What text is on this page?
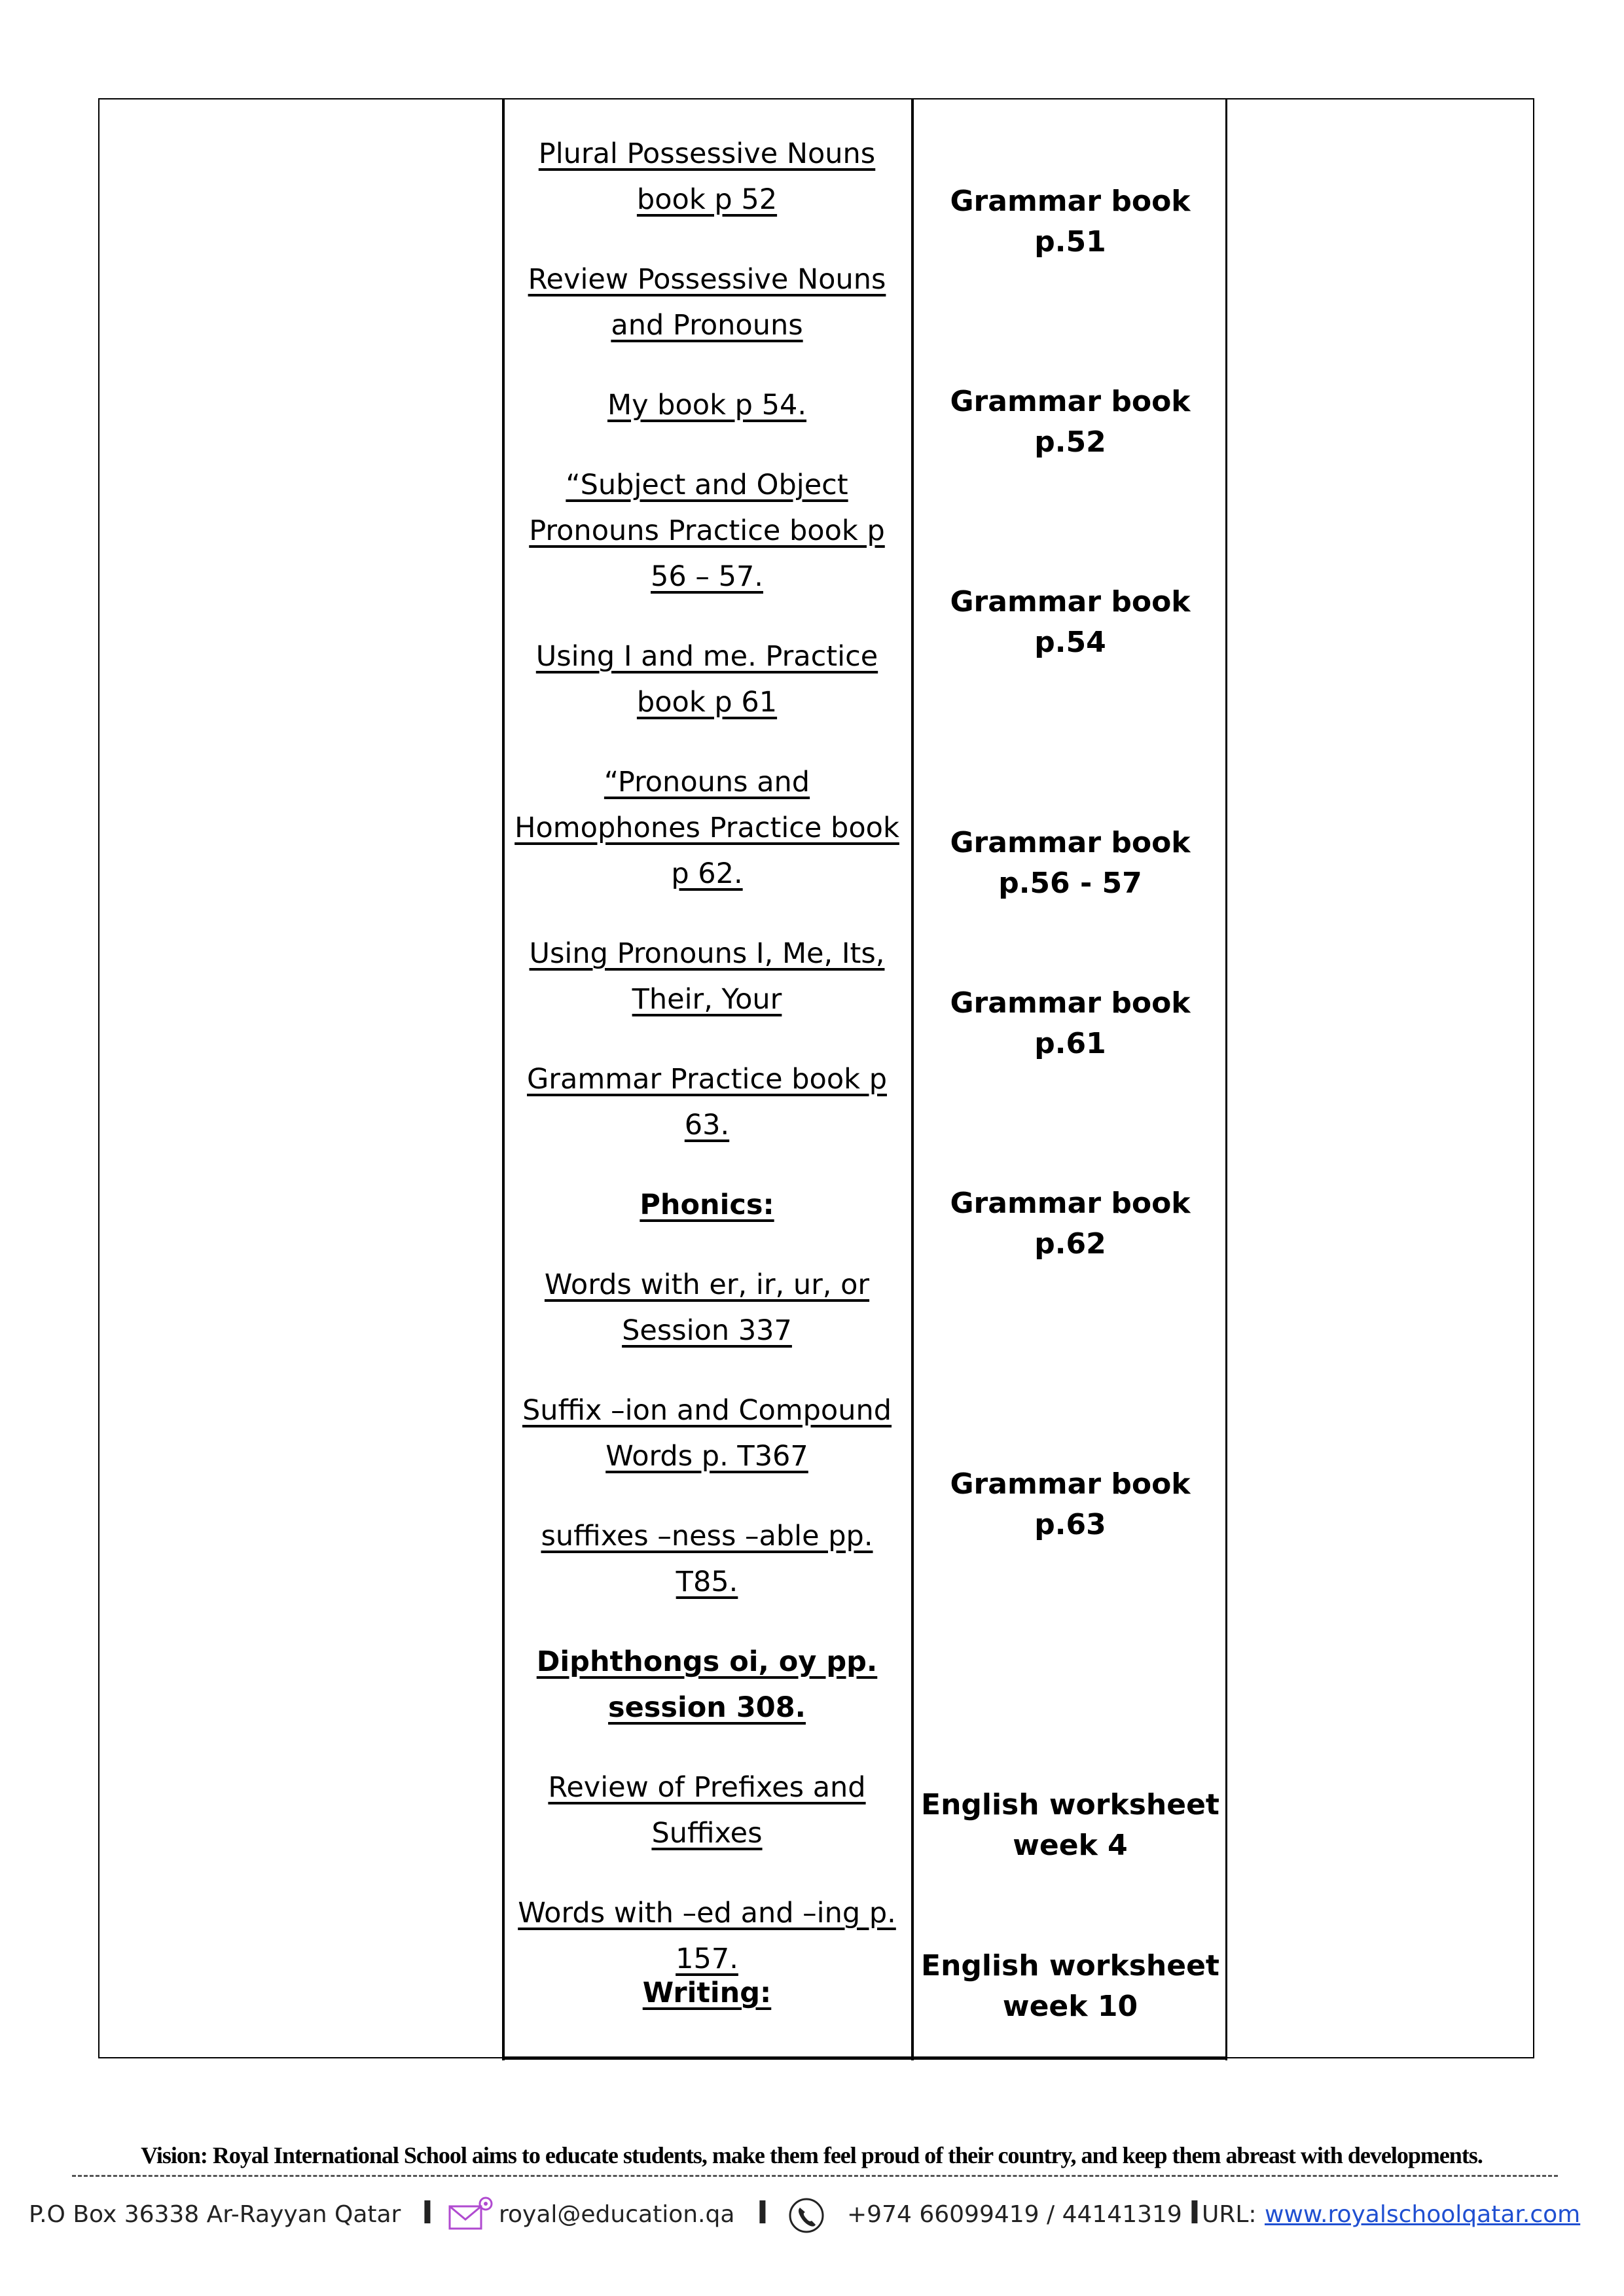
Plural Possessive Nouns book p 52
Review Possessive Nouns and Pronouns
My book p 54.
“Subject and Object Pronouns Practice book p 56 – 57.
Using I and me. Practice book p 61
“Pronouns and Homophones Practice book p 62.
Using Pronouns I, Me, Its, Their, Your
Grammar Practice book p 63.
Phonics:
Words with er, ir, ur, or Session 337
Suffix –ion and Compound Words p. T367
suffixes –ness –able pp. T85.
Diphthongs oi, oy pp. session 308.
Review of Prefixes and Suffixes
Words with –ed and –ing p. 157.
Writing:
Grammar book
p.51
Grammar book
p.52
Grammar book
p.54
Grammar book
p.56 - 57
Grammar book
p.61
Grammar book
p.62
Grammar book
p.63
English worksheet
week 4
English worksheet
week 10
Vision: Royal International School aims to educate students, make them feel proud of their country, and keep them abreast with developments.
P.O Box 36338 Ar-Rayyan Qatar I	royal@education.qa I	+974 66099419 / 44141319 I URL: www.royalschoolqatar.com
